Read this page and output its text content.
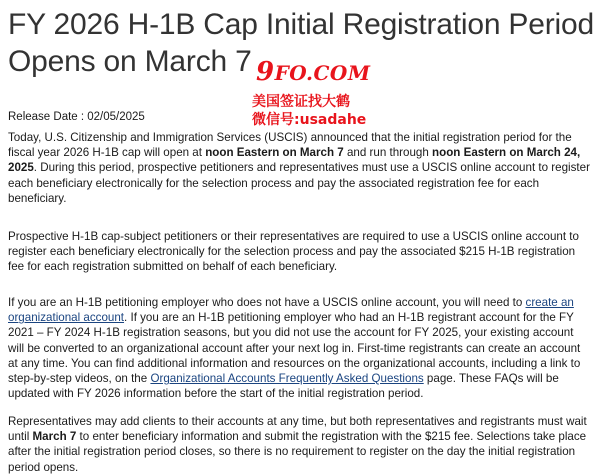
FY 2026 H-1B Cap Initial Registration Period
Opens on March 7
Release Date : 02/05/2025

Today, U.S. Citizenship and Immigration Services (USCIS) announced that the initial registration period for the fiscal year 2026 H-1B cap will open at noon Eastern on March 7 and run through noon Eastern on March 24, 2025. During this period, prospective petitioners and representatives must use a USCIS online account to register each beneficiary electronically for the selection process and pay the associated registration fee for each beneficiary.

Prospective H-1B cap-subject petitioners or their representatives are required to use a USCIS online account to register each beneficiary electronically for the selection process and pay the associated $215 H-1B registration fee for each registration submitted on behalf of each beneficiary.

If you are an H-1B petitioning employer who does not have a USCIS online account, you will need to create an organizational account. If you are an H-1B petitioning employer who had an H-1B registrant account for the FY 2021 – FY 2024 H-1B registration seasons, but you did not use the account for FY 2025, your existing account will be converted to an organizational account after your next log in. First-time registrants can create an account at any time. You can find additional information and resources on the organizational accounts, including a link to step-by-step videos, on the Organizational Accounts Frequently Asked Questions page. These FAQs will be updated with FY 2026 information before the start of the initial registration period.

Representatives may add clients to their accounts at any time, but both representatives and registrants must wait until March 7 to enter beneficiary information and submit the registration with the $215 fee. Selections take place after the initial registration period closes, so there is no requirement to register on the day the initial registration period opens.

9FO.COM
美国签证找大鹤
微信号:usadahe
